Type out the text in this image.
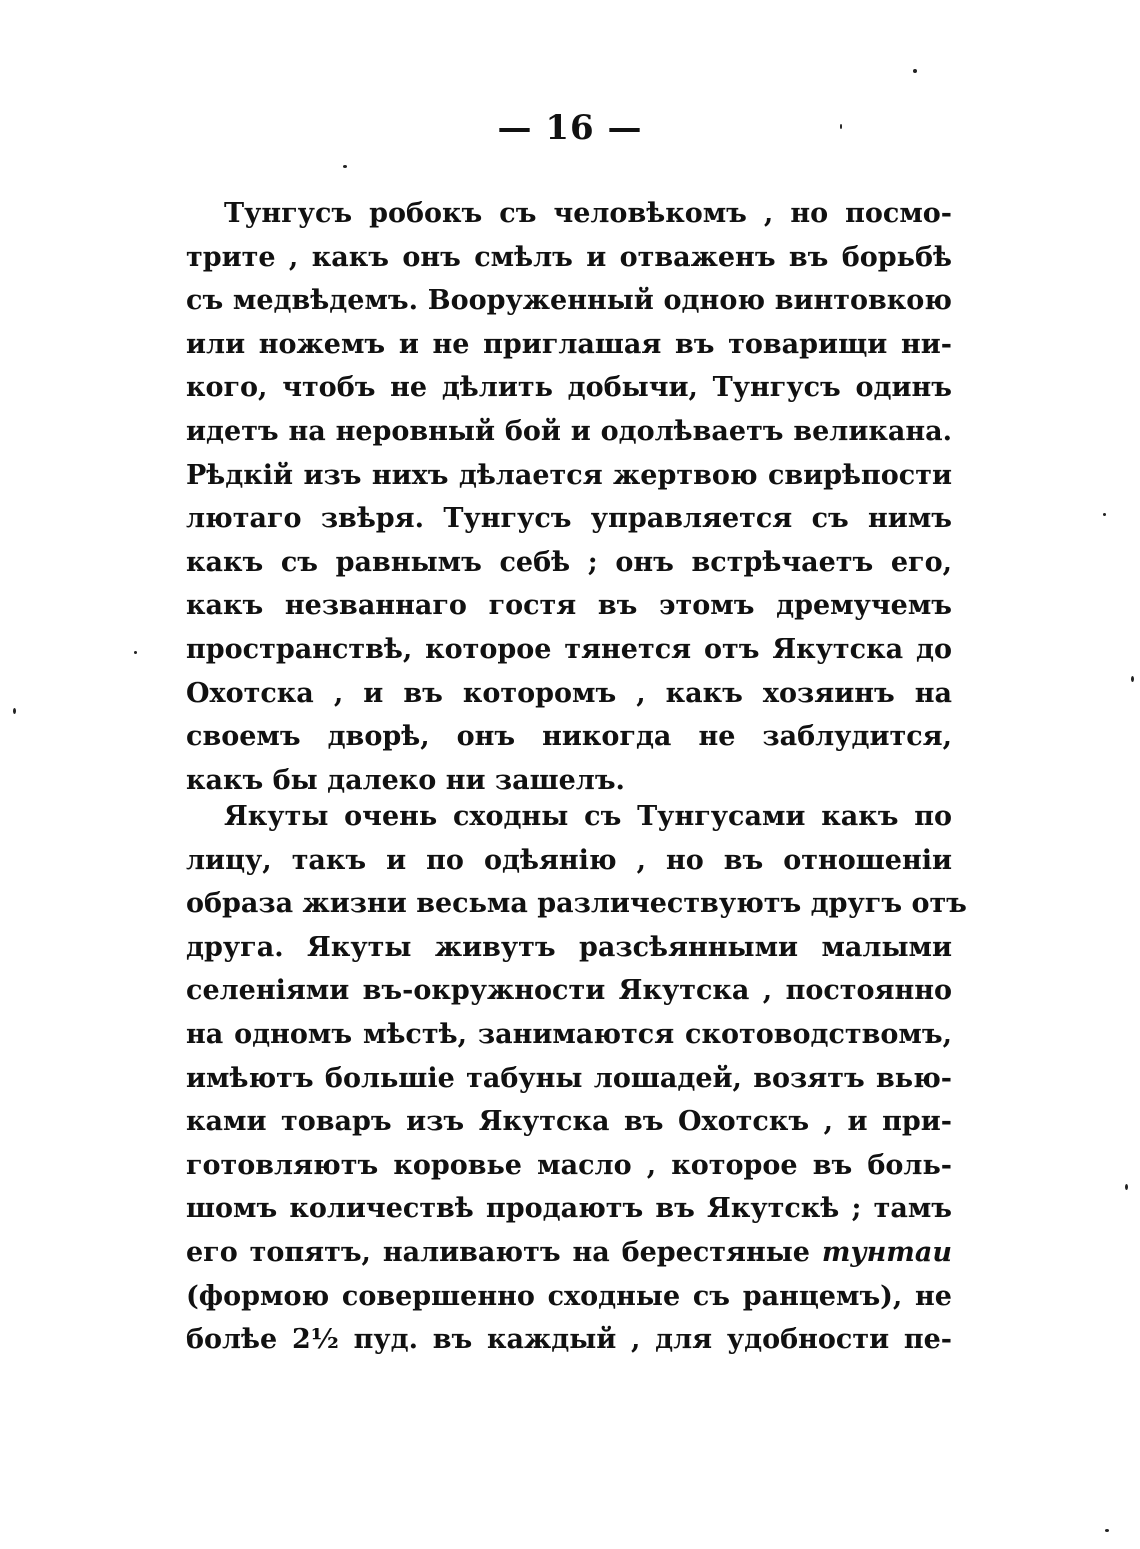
— 16 —
Тунгусъ робокъ съ человѣкомъ , но посмо-
трите , какъ онъ смѣлъ и отваженъ въ борьбѣ
съ медвѣдемъ. Вооруженный одною винтовкою
или ножемъ и не приглашая въ товарищи ни-
кого, чтобъ не дѣлить добычи, Тунгусъ одинъ
идетъ на неровный бой и одолѣваетъ великана.
Рѣдкій изъ нихъ дѣлается жертвою свирѣпости
лютаго звѣря. Тунгусъ управляется съ нимъ
какъ съ равнымъ себѣ ; онъ встрѣчаетъ его,
какъ незваннаго гостя въ этомъ дремучемъ
пространствѣ, которое тянется отъ Якутска до
Охотска , и въ которомъ , какъ хозяинъ на
своемъ дворѣ, онъ никогда не заблудится,
какъ бы далеко ни зашелъ.
Якуты очень сходны съ Тунгусами какъ по
лицу, такъ и по одѣянію , но въ отношеніи
образа жизни весьма различествуютъ другъ отъ
друга. Якуты живутъ разсѣянными малыми
селеніями въ-окружности Якутска , постоянно
на одномъ мѣстѣ, занимаются скотоводствомъ,
имѣютъ большіе табуны лошадей, возятъ вью-
ками товаръ изъ Якутска въ Охотскъ , и при-
готовляютъ коровье масло , которое въ боль-
шомъ количествѣ продаютъ въ Якутскѣ ; тамъ
его топятъ, наливаютъ на берестяные тунтаи
(формою совершенно сходные съ ранцемъ), не
болѣе 2½ пуд. въ каждый , для удобности пе-
